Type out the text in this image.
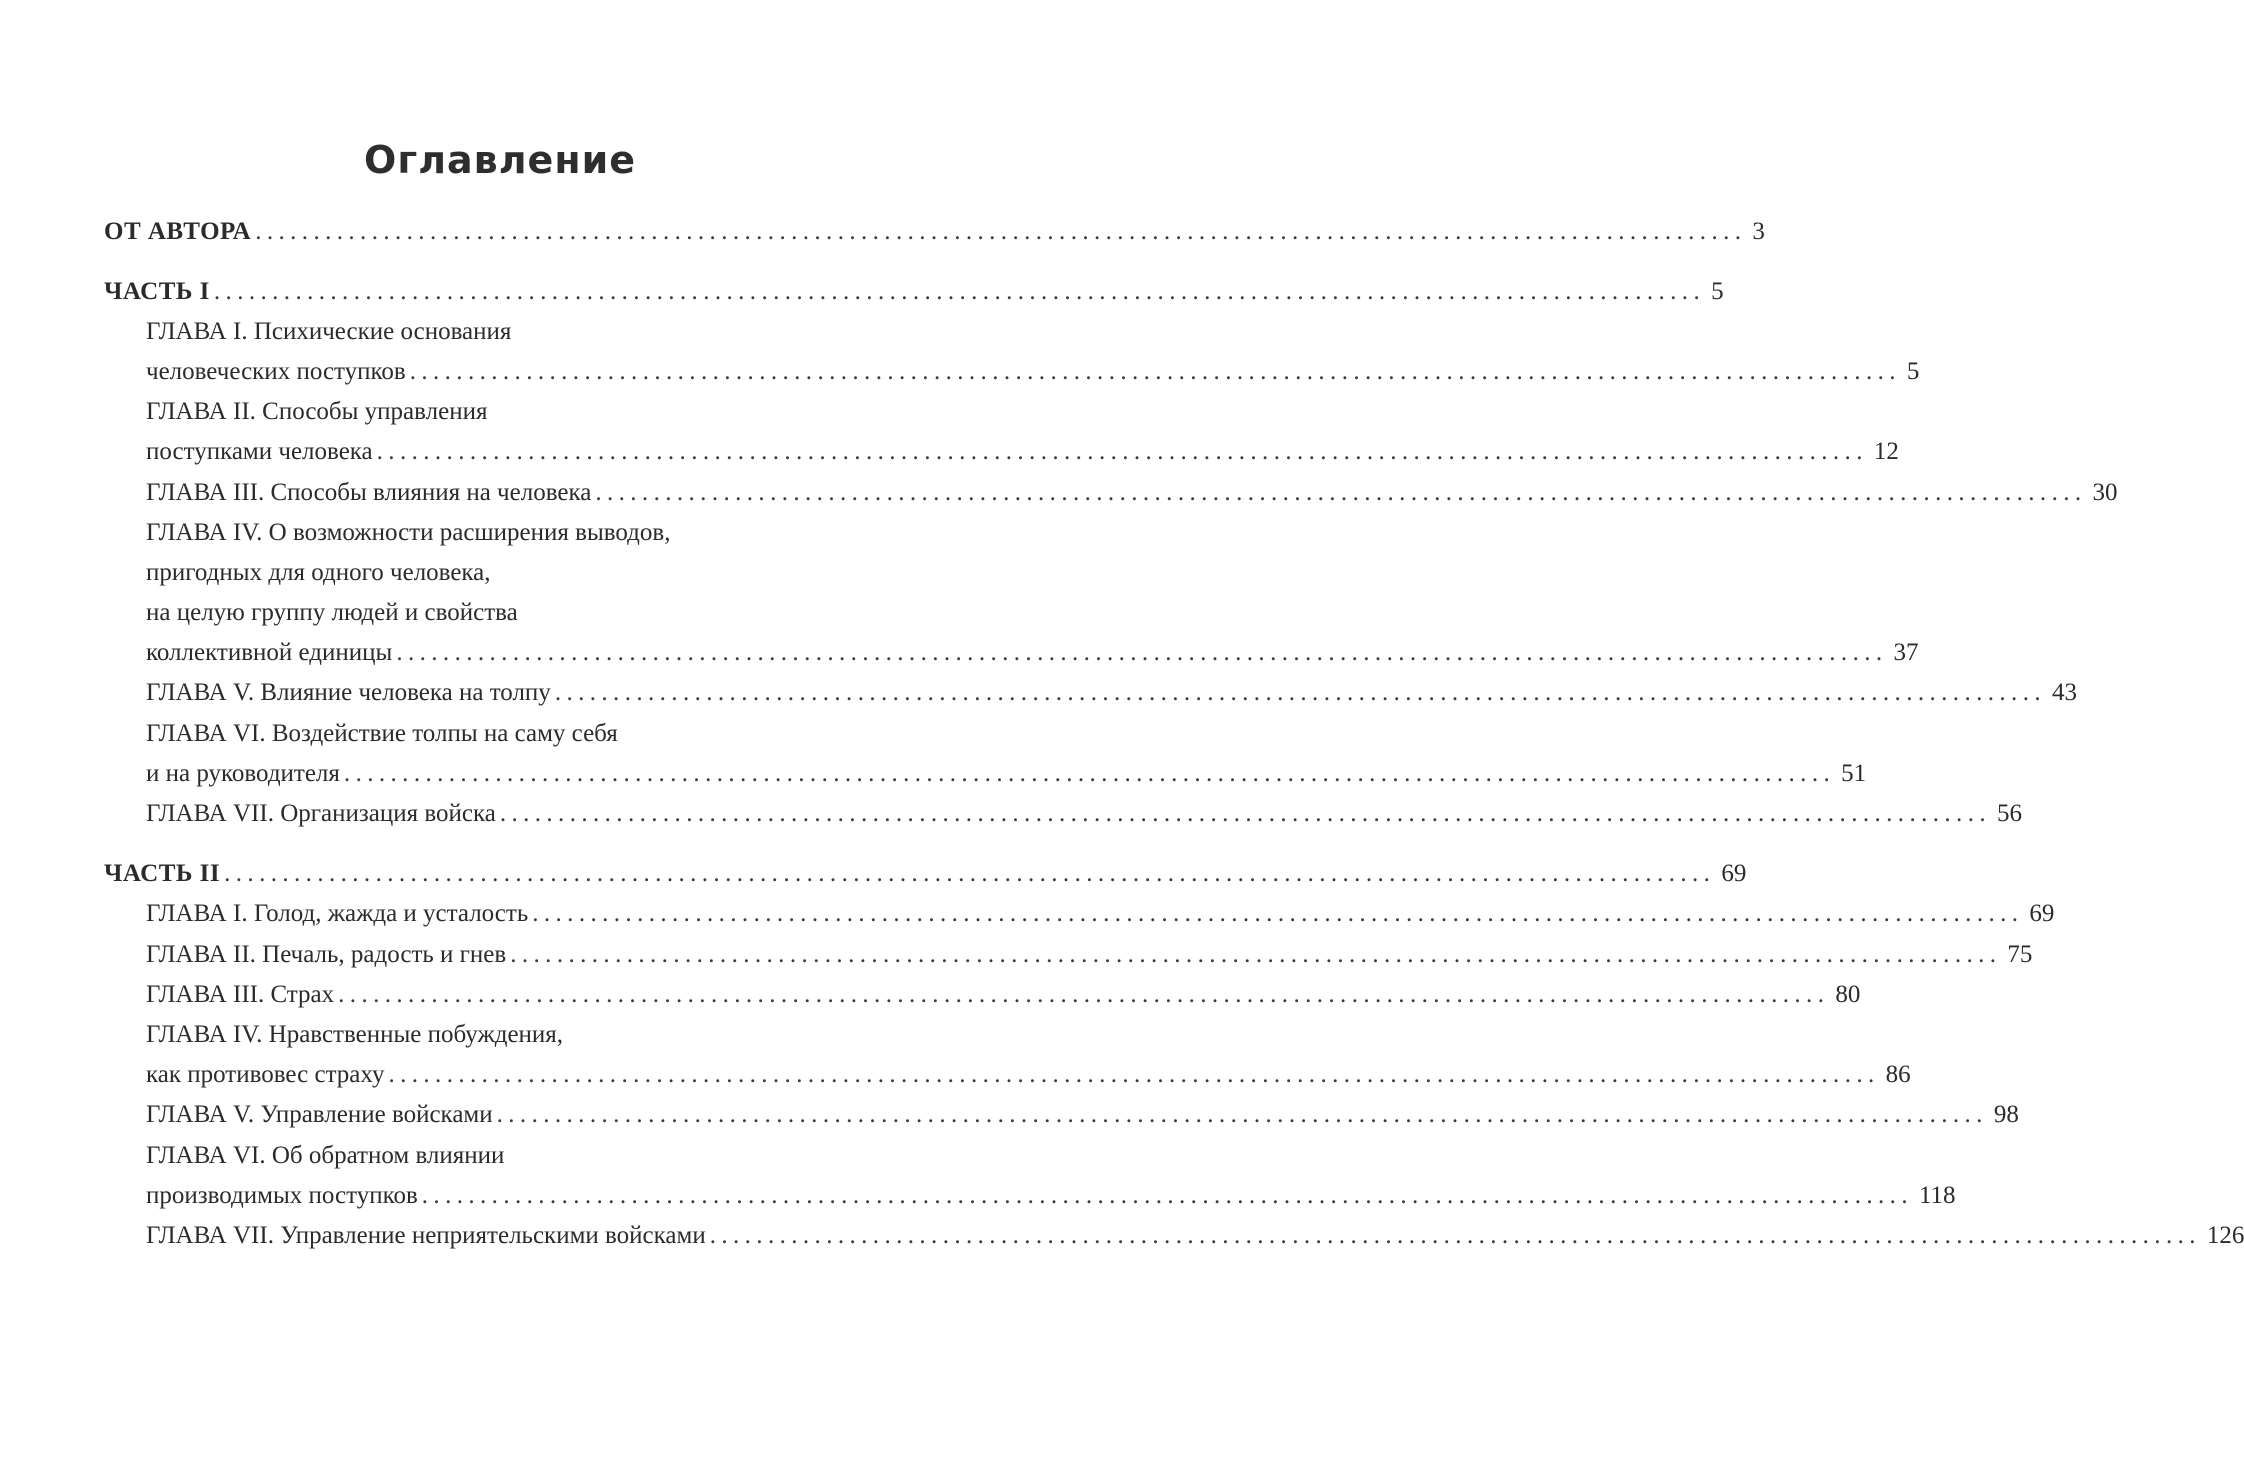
Оглавление
ОТ АВТОРА ................................................................................................................................ 3
ЧАСТЬ I ................................................................................................................................ 5
ГЛАВА I. Психические основания
человеческих поступков ................................................................................................................................ 5
ГЛАВА II. Способы управления
поступками человека ................................................................................................................................ 12
ГЛАВА III. Способы влияния на человека ................................................................................................................................ 30
ГЛАВА IV. О возможности расширения выводов,
пригодных для одного человека,
на целую группу людей и свойства
коллективной единицы ................................................................................................................................ 37
ГЛАВА V. Влияние человека на толпу ................................................................................................................................ 43
ГЛАВА VI. Воздействие толпы на саму себя
и на руководителя ................................................................................................................................ 51
ГЛАВА VII. Организация войска ................................................................................................................................ 56
ЧАСТЬ II ................................................................................................................................ 69
ГЛАВА I. Голод, жажда и усталость ................................................................................................................................ 69
ГЛАВА II. Печаль, радость и гнев ................................................................................................................................ 75
ГЛАВА III. Страх ................................................................................................................................ 80
ГЛАВА IV. Нравственные побуждения,
как противовес страху ................................................................................................................................ 86
ГЛАВА V. Управление войсками ................................................................................................................................ 98
ГЛАВА VI. Об обратном влиянии
производимых поступков ................................................................................................................................ 118
ГЛАВА VII. Управление неприятельскими войсками ................................................................................................................................ 126
